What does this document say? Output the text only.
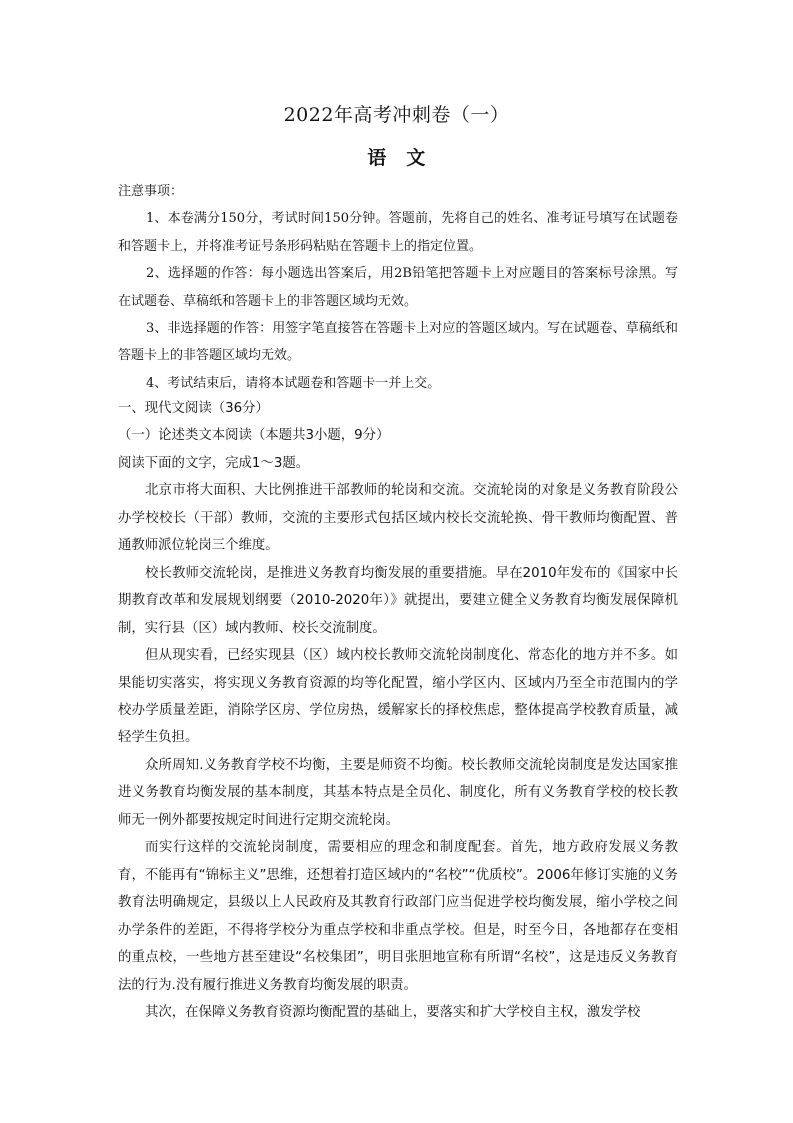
2022年高考冲刺卷（一）
语　文

注意事项：

1、本卷满分150分，考试时间150分钟。答题前，先将自己的姓名、准考证号填写在试题卷和答题卡上，并将准考证号条形码粘贴在答题卡上的指定位置。

2、选择题的作答：每小题选出答案后，用2B铅笔把答题卡上对应题目的答案标号涂黑。写在试题卷、草稿纸和答题卡上的非答题区域均无效。

3、非选择题的作答：用签字笔直接答在答题卡上对应的答题区域内。写在试题卷、草稿纸和答题卡上的非答题区域均无效。

4、考试结束后，请将本试题卷和答题卡一并上交。

一、现代文阅读（36分）

（一）论述类文本阅读（本题共3小题，9分）

阅读下面的文字，完成1～3题。

北京市将大面积、大比例推进干部教师的轮岗和交流。交流轮岗的对象是义务教育阶段公办学校校长（干部）教师，交流的主要形式包括区域内校长交流轮换、骨干教师均衡配置、普通教师派位轮岗三个维度。

校长教师交流轮岗，是推进义务教育均衡发展的重要措施。早在2010年发布的《国家中长期教育改革和发展规划纲要（2010-2020年）》就提出，要建立健全义务教育均衡发展保障机制，实行县（区）域内教师、校长交流制度。

但从现实看，已经实现县（区）域内校长教师交流轮岗制度化、常态化的地方并不多。如果能切实落实，将实现义务教育资源的均等化配置，缩小学区内、区域内乃至全市范围内的学校办学质量差距，消除学区房、学位房热，缓解家长的择校焦虑，整体提高学校教育质量，减轻学生负担。

众所周知.义务教育学校不均衡，主要是师资不均衡。校长教师交流轮岗制度是发达国家推进义务教育均衡发展的基本制度，其基本特点是全员化、制度化，所有义务教育学校的校长教师无一例外都要按规定时间进行定期交流轮岗。

而实行这样的交流轮岗制度，需要相应的理念和制度配套。首先，地方政府发展义务教育，不能再有“锦标主义”思维，还想着打造区域内的“名校”“优质校”。2006年修订实施的义务教育法明确规定，县级以上人民政府及其教育行政部门应当促进学校均衡发展，缩小学校之间办学条件的差距，不得将学校分为重点学校和非重点学校。但是，时至今日，各地都存在变相的重点校，一些地方甚至建设“名校集团”，明目张胆地宣称有所谓“名校”，这是违反义务教育法的行为.没有履行推进义务教育均衡发展的职责。

其次，在保障义务教育资源均衡配置的基础上，要落实和扩大学校自主权，激发学校
